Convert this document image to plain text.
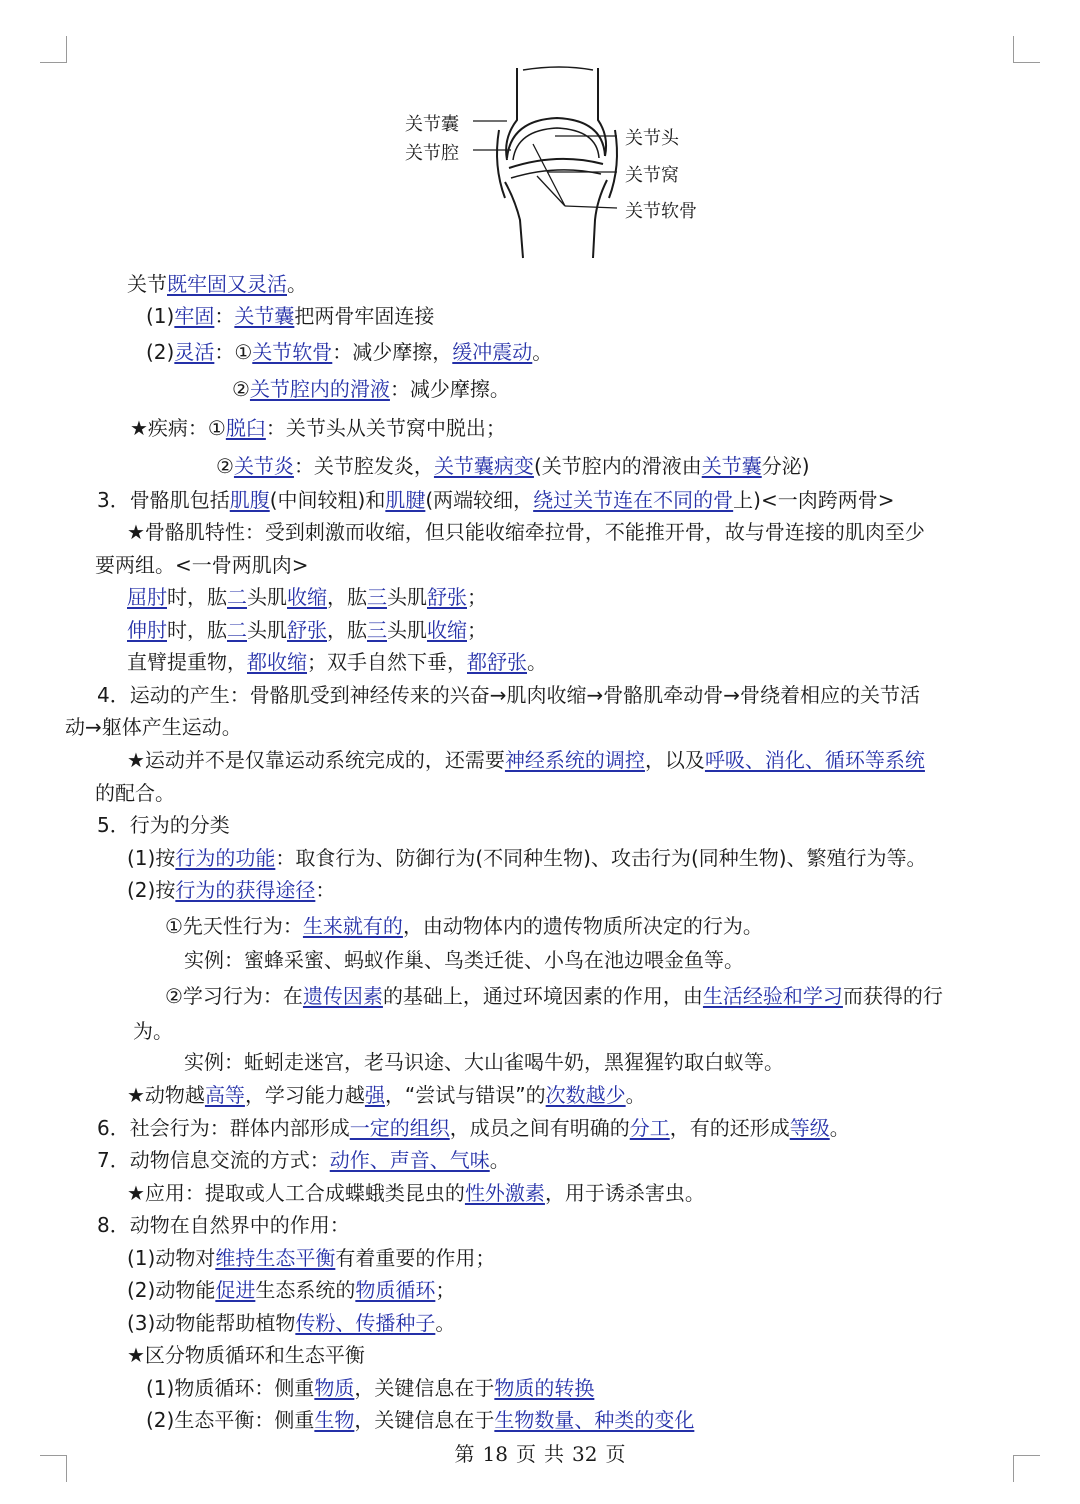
关节囊
关节腔
关节头
关节窝
关节软骨
关节既牢固又灵活。
(1)牢固：关节囊把两骨牢固连接
(2)灵活：①关节软骨：减少摩擦，缓冲震动。
②关节腔内的滑液：减少摩擦。
★疾病：①脱臼：关节头从关节窝中脱出；
②关节炎：关节腔发炎，关节囊病变(关节腔内的滑液由关节囊分泌)
3．骨骼肌包括肌腹(中间较粗)和肌腱(两端较细，绕过关节连在不同的骨上)<一肉跨两骨>
★骨骼肌特性：受到刺激而收缩，但只能收缩牵拉骨，不能推开骨，故与骨连接的肌肉至少
要两组。<一骨两肌肉>
屈肘时，肱二头肌收缩，肱三头肌舒张；
伸肘时，肱二头肌舒张，肱三头肌收缩；
直臂提重物，都收缩；双手自然下垂，都舒张。
4．运动的产生：骨骼肌受到神经传来的兴奋→肌肉收缩→骨骼肌牵动骨→骨绕着相应的关节活
动→躯体产生运动。
★运动并不是仅靠运动系统完成的，还需要神经系统的调控，以及呼吸、消化、循环等系统
的配合。
5．行为的分类
(1)按行为的功能：取食行为、防御行为(不同种生物)、攻击行为(同种生物)、繁殖行为等。
(2)按行为的获得途径：
①先天性行为：生来就有的，由动物体内的遗传物质所决定的行为。
实例：蜜蜂采蜜、蚂蚁作巢、鸟类迁徙、小鸟在池边喂金鱼等。
②学习行为：在遗传因素的基础上，通过环境因素的作用，由生活经验和学习而获得的行
为。
实例：蚯蚓走迷宫，老马识途、大山雀喝牛奶，黑猩猩钓取白蚁等。
★动物越高等，学习能力越强，“尝试与错误”的次数越少。
6．社会行为：群体内部形成一定的组织，成员之间有明确的分工，有的还形成等级。
7．动物信息交流的方式：动作、声音、气味。
★应用：提取或人工合成蝶蛾类昆虫的性外激素，用于诱杀害虫。
8．动物在自然界中的作用：
(1)动物对维持生态平衡有着重要的作用；
(2)动物能促进生态系统的物质循环；
(3)动物能帮助植物传粉、传播种子。
★区分物质循环和生态平衡
(1)物质循环：侧重物质，关键信息在于物质的转换
(2)生态平衡：侧重生物，关键信息在于生物数量、种类的变化
第 18 页 共 32 页
